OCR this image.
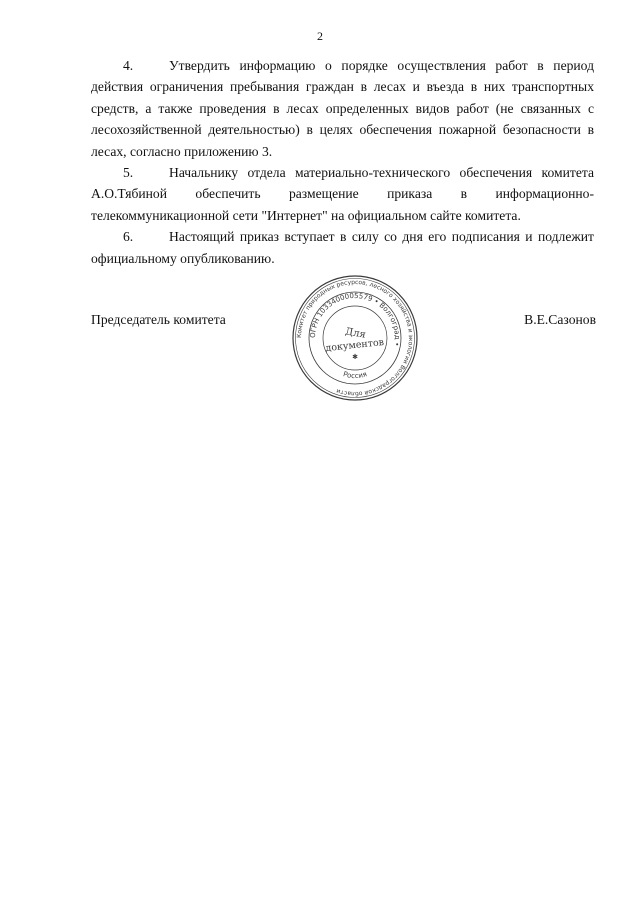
2

4.	Утвердить информацию о порядке осуществления работ в период действия ограничения пребывания граждан в лесах и въезда в них транспортных средств, а также проведения в лесах определенных видов работ (не связанных с лесохозяйственной деятельностью) в целях обеспечения пожарной безопасности в лесах, согласно приложению 3.

5.	Начальнику отдела материально-технического обеспечения комитета А.О.Тябиной обеспечить размещение приказа в информационно-телекоммуникационной сети "Интернет" на официальном сайте комитета.

6.	Настоящий приказ вступает в силу со дня его подписания и подлежит официальному опубликованию.

Председатель комитета	В.Е.Сазонов
Комитет природных ресурсов, лесного хозяйства и экологии Волгоградской области
ОГРН 1033400005579 • Волгоград •
Для
документов
✱
Россия
